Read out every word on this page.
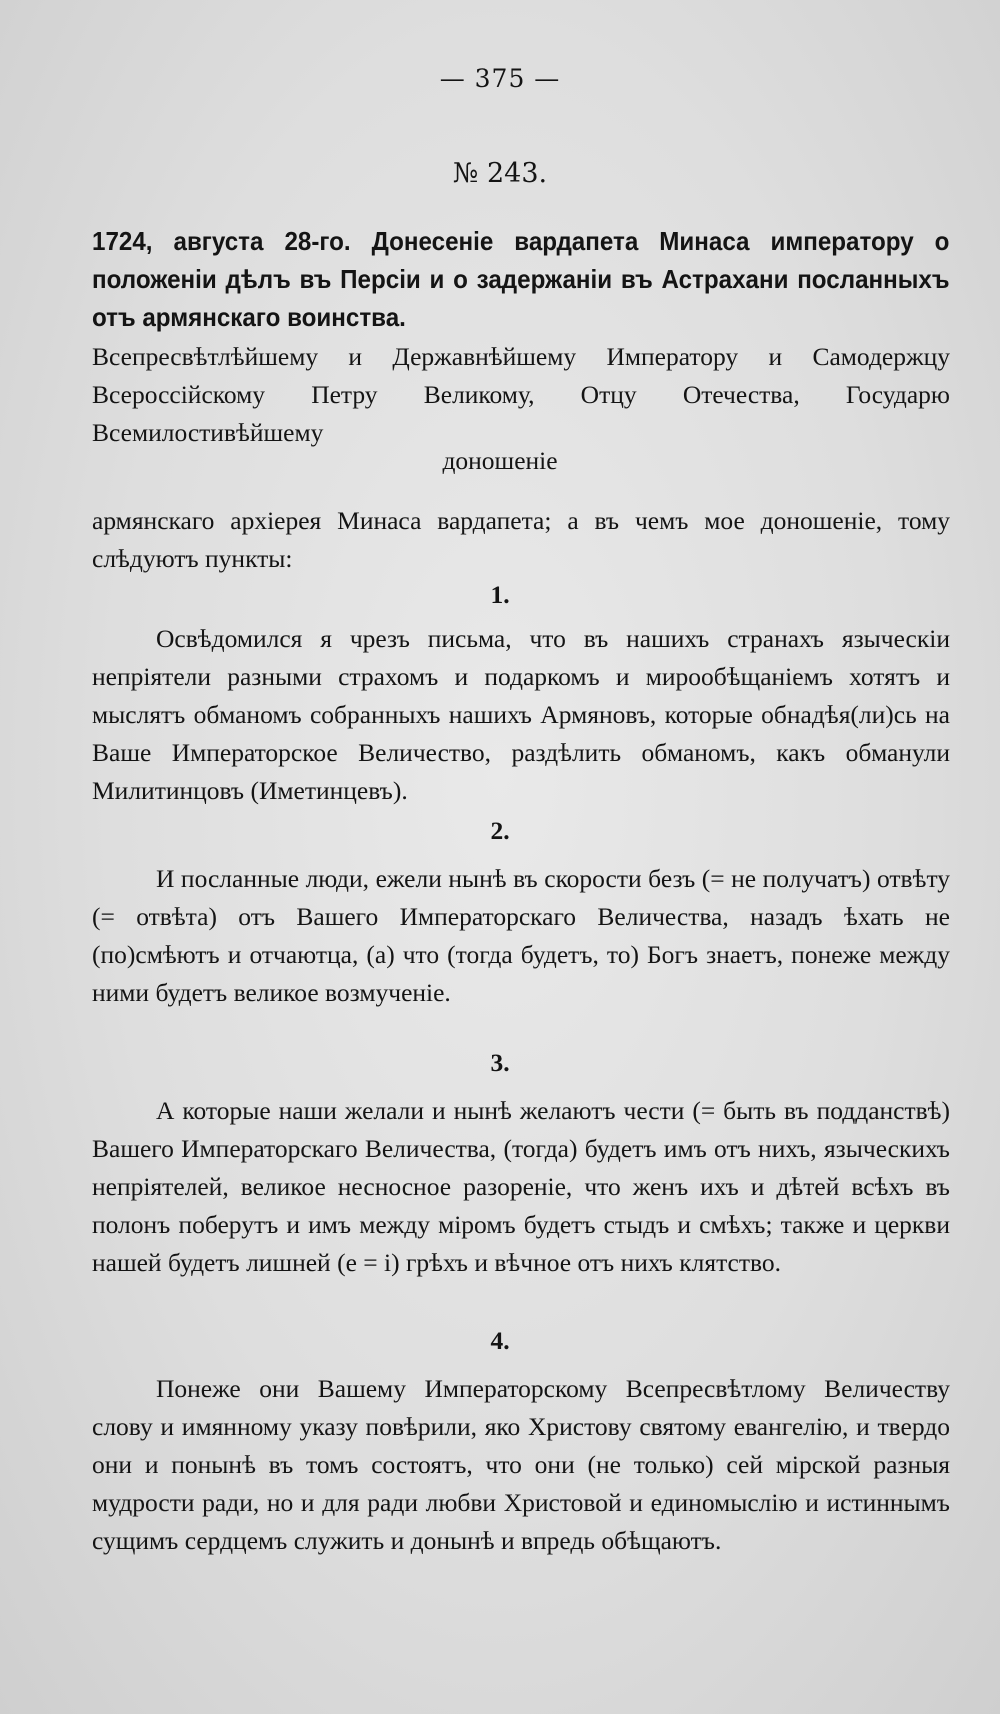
— 375 —
№ 243.
1724, августа 28-го. Донесеніе вардапета Минаса императору о положеніи дѣлъ въ Персіи и о задержаніи въ Астрахани посланныхъ отъ армянскаго воинства.
Всепресвѣтлѣйшему и Державнѣйшему Императору и Самодержцу Всероссійскому Петру Великому, Отцу Отечества, Государю Всемилостивѣйшему
доношеніе
армянскаго архіерея Минаса вардапета; а въ чемъ мое доношеніе, тому слѣдуютъ пункты:
1.
Освѣдомился я чрезъ письма, что въ нашихъ странахъ языческіи непріятели разными страхомъ и подаркомъ и мирообѣщаніемъ хотятъ и мыслятъ обманомъ собранныхъ нашихъ Армяновъ, которые обнадѣя(ли)сь на Ваше Императорское Величество, раздѣлить обманомъ, какъ обманули Милитинцовъ (Иметинцевъ).
2.
И посланные люди, ежели нынѣ въ скорости безъ (= не получатъ) отвѣту (= отвѣта) отъ Вашего Императорскаго Величества, назадъ ѣхать не (по)смѣютъ и отчаютца, (а) что (тогда будетъ, то) Богъ знаетъ, понеже между ними будетъ великое возмученіе.
3.
А которые наши желали и нынѣ желаютъ чести (= быть въ подданствѣ) Вашего Императорскаго Величества, (тогда) будетъ имъ отъ нихъ, языческихъ непріятелей, великое несносное разореніе, что женъ ихъ и дѣтей всѣхъ въ полонъ поберутъ и имъ между міромъ будетъ стыдъ и смѣхъ; также и церкви нашей будетъ лишней (е = і) грѣхъ и вѣчное отъ нихъ клятство.
4.
Понеже они Вашему Императорскому Всепресвѣтлому Величеству слову и имянному указу повѣрили, яко Христову святому евангелію, и твердо они и понынѣ въ томъ состоятъ, что они (не только) сей мірской разныя мудрости ради, но и для ради любви Христовой и единомыслію и истиннымъ сущимъ сердцемъ служить и донынѣ и впредь обѣщаютъ.
